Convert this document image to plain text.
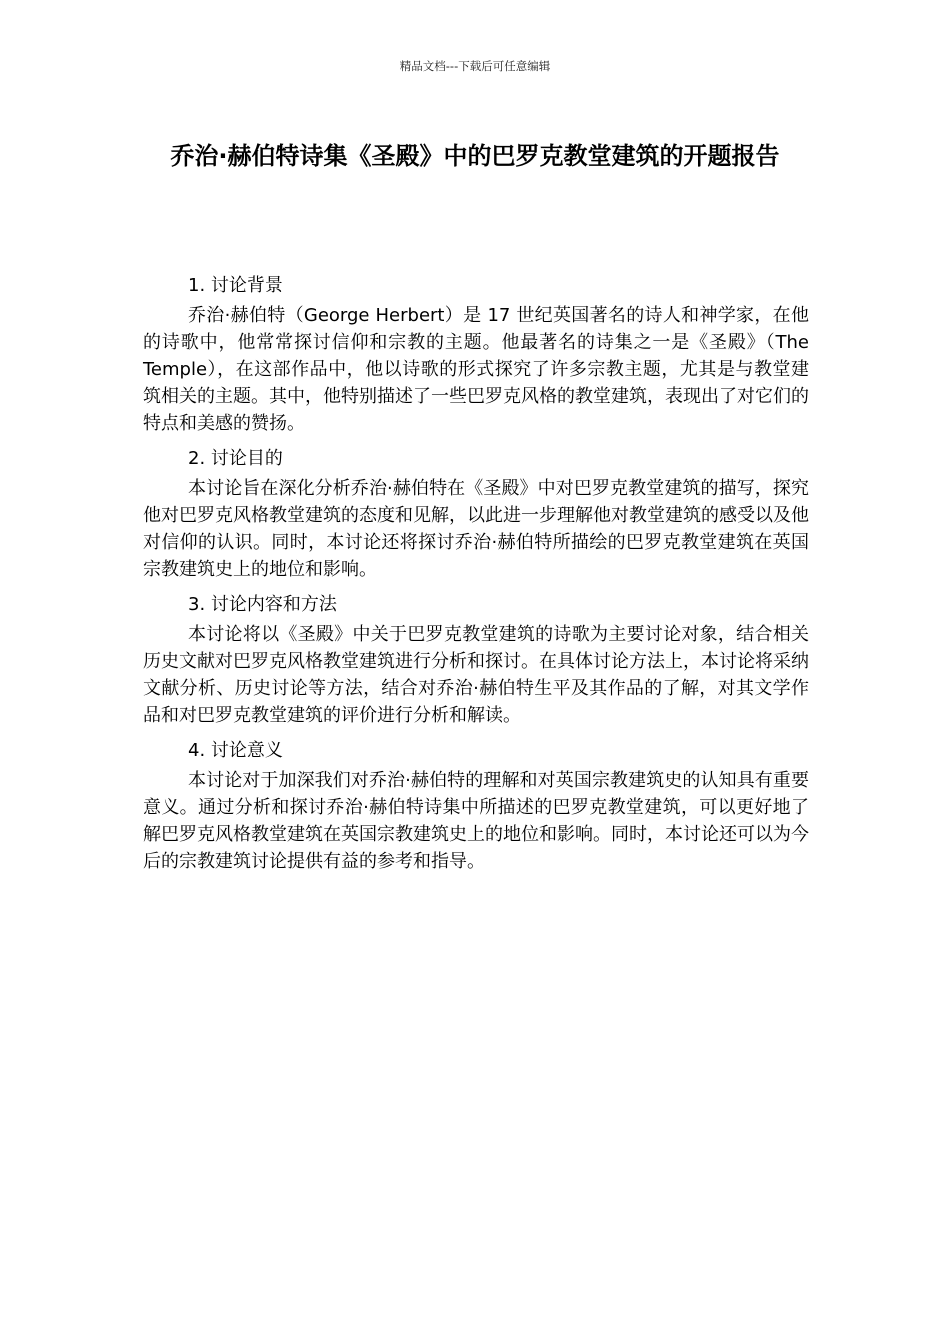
精品文档---下载后可任意编辑
乔治·赫伯特诗集《圣殿》中的巴罗克教堂建筑的开题报告

1. 讨论背景

乔治·赫伯特（George Herbert）是 17 世纪英国著名的诗人和神学家，在他的诗歌中，他常常探讨信仰和宗教的主题。他最著名的诗集之一是《圣殿》（The Temple），在这部作品中，他以诗歌的形式探究了许多宗教主题，尤其是与教堂建筑相关的主题。其中，他特别描述了一些巴罗克风格的教堂建筑，表现出了对它们的特点和美感的赞扬。

2. 讨论目的

本讨论旨在深化分析乔治·赫伯特在《圣殿》中对巴罗克教堂建筑的描写，探究他对巴罗克风格教堂建筑的态度和见解，以此进一步理解他对教堂建筑的感受以及他对信仰的认识。同时，本讨论还将探讨乔治·赫伯特所描绘的巴罗克教堂建筑在英国宗教建筑史上的地位和影响。

3. 讨论内容和方法

本讨论将以《圣殿》中关于巴罗克教堂建筑的诗歌为主要讨论对象，结合相关历史文献对巴罗克风格教堂建筑进行分析和探讨。在具体讨论方法上，本讨论将采纳文献分析、历史讨论等方法，结合对乔治·赫伯特生平及其作品的了解，对其文学作品和对巴罗克教堂建筑的评价进行分析和解读。

4. 讨论意义

本讨论对于加深我们对乔治·赫伯特的理解和对英国宗教建筑史的认知具有重要意义。通过分析和探讨乔治·赫伯特诗集中所描述的巴罗克教堂建筑，可以更好地了解巴罗克风格教堂建筑在英国宗教建筑史上的地位和影响。同时，本讨论还可以为今后的宗教建筑讨论提供有益的参考和指导。
